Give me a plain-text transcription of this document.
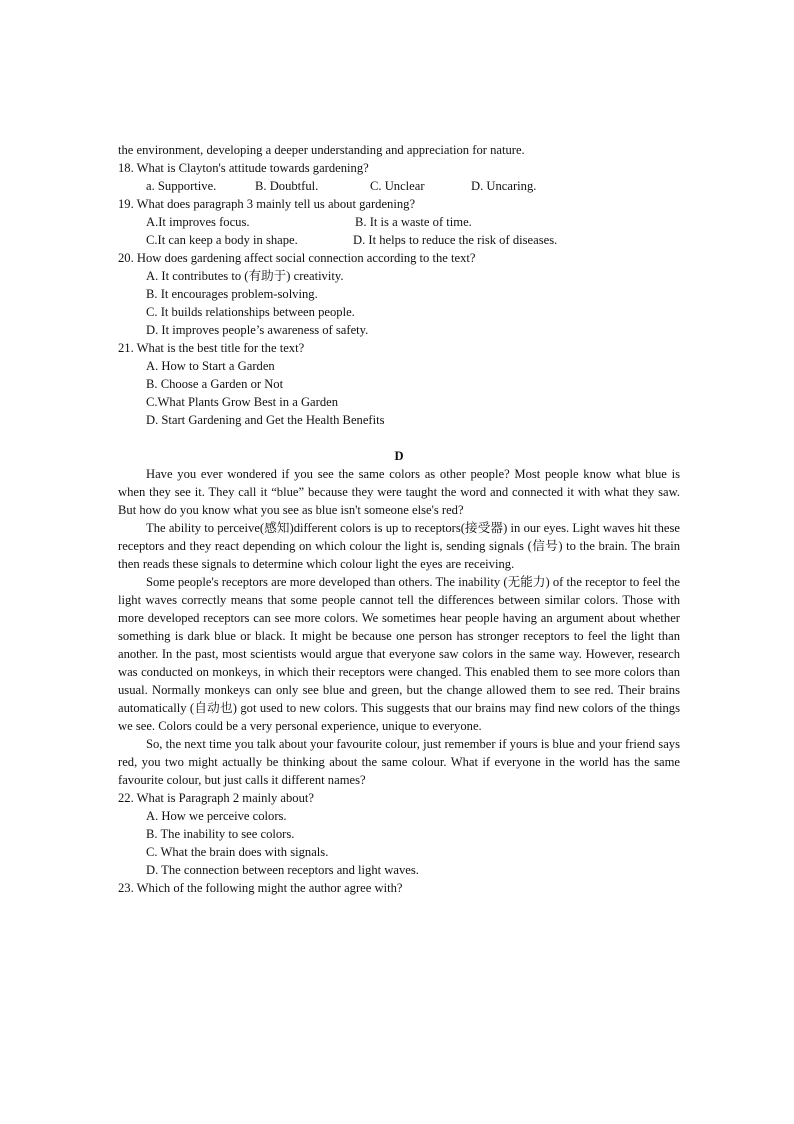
the environment, developing a deeper understanding and appreciation for nature.
18. What is Clayton's attitude towards gardening?
a. Supportive.	B. Doubtful.	C. Unclear	D. Uncaring.
19. What does paragraph 3 mainly tell us about gardening?
A.It improves focus.	B. It is a waste of time.
C.It can keep a body in shape.	D. It helps to reduce the risk of diseases.
20. How does gardening affect social connection according to the text?
A. It contributes to (有助于) creativity.
B. It encourages problem-solving.
C. It builds relationships between people.
D. It improves people’s awareness of safety.
21. What is the best title for the text?
A. How to Start a Garden
B. Choose a Garden or Not
C.What Plants Grow Best in a Garden
D. Start Gardening and Get the Health Benefits
D

Have you ever wondered if you see the same colors as other people? Most people know what blue is when they see it. They call it “blue” because they were taught the word and connected it with what they saw. But how do you know what you see as blue isn't someone else's red?

The ability to perceive(感知)different colors is up to receptors(接受器) in our eyes. Light waves hit these receptors and they react depending on which colour the light is, sending signals (信号) to the brain. The brain then reads these signals to determine which colour light the eyes are receiving.

Some people's receptors are more developed than others. The inability (无能力) of the receptor to feel the light waves correctly means that some people cannot tell the differences between similar colors. Those with more developed receptors can see more colors. We sometimes hear people having an argument about whether something is dark blue or black. It might be because one person has stronger receptors to feel the light than another. In the past, most scientists would argue that everyone saw colors in the same way. However, research was conducted on monkeys, in which their receptors were changed. This enabled them to see more colors than usual. Normally monkeys can only see blue and green, but the change allowed them to see red. Their brains automatically (自动也) got used to new colors. This suggests that our brains may find new colors of the things we see. Colors could be a very personal experience, unique to everyone.

So, the next time you talk about your favourite colour, just remember if yours is blue and your friend says red, you two might actually be thinking about the same colour. What if everyone in the world has the same favourite colour, but just calls it different names?

22. What is Paragraph 2 mainly about?
A. How we perceive colors.
B. The inability to see colors.
C. What the brain does with signals.
D. The connection between receptors and light waves.
23. Which of the following might the author agree with?
